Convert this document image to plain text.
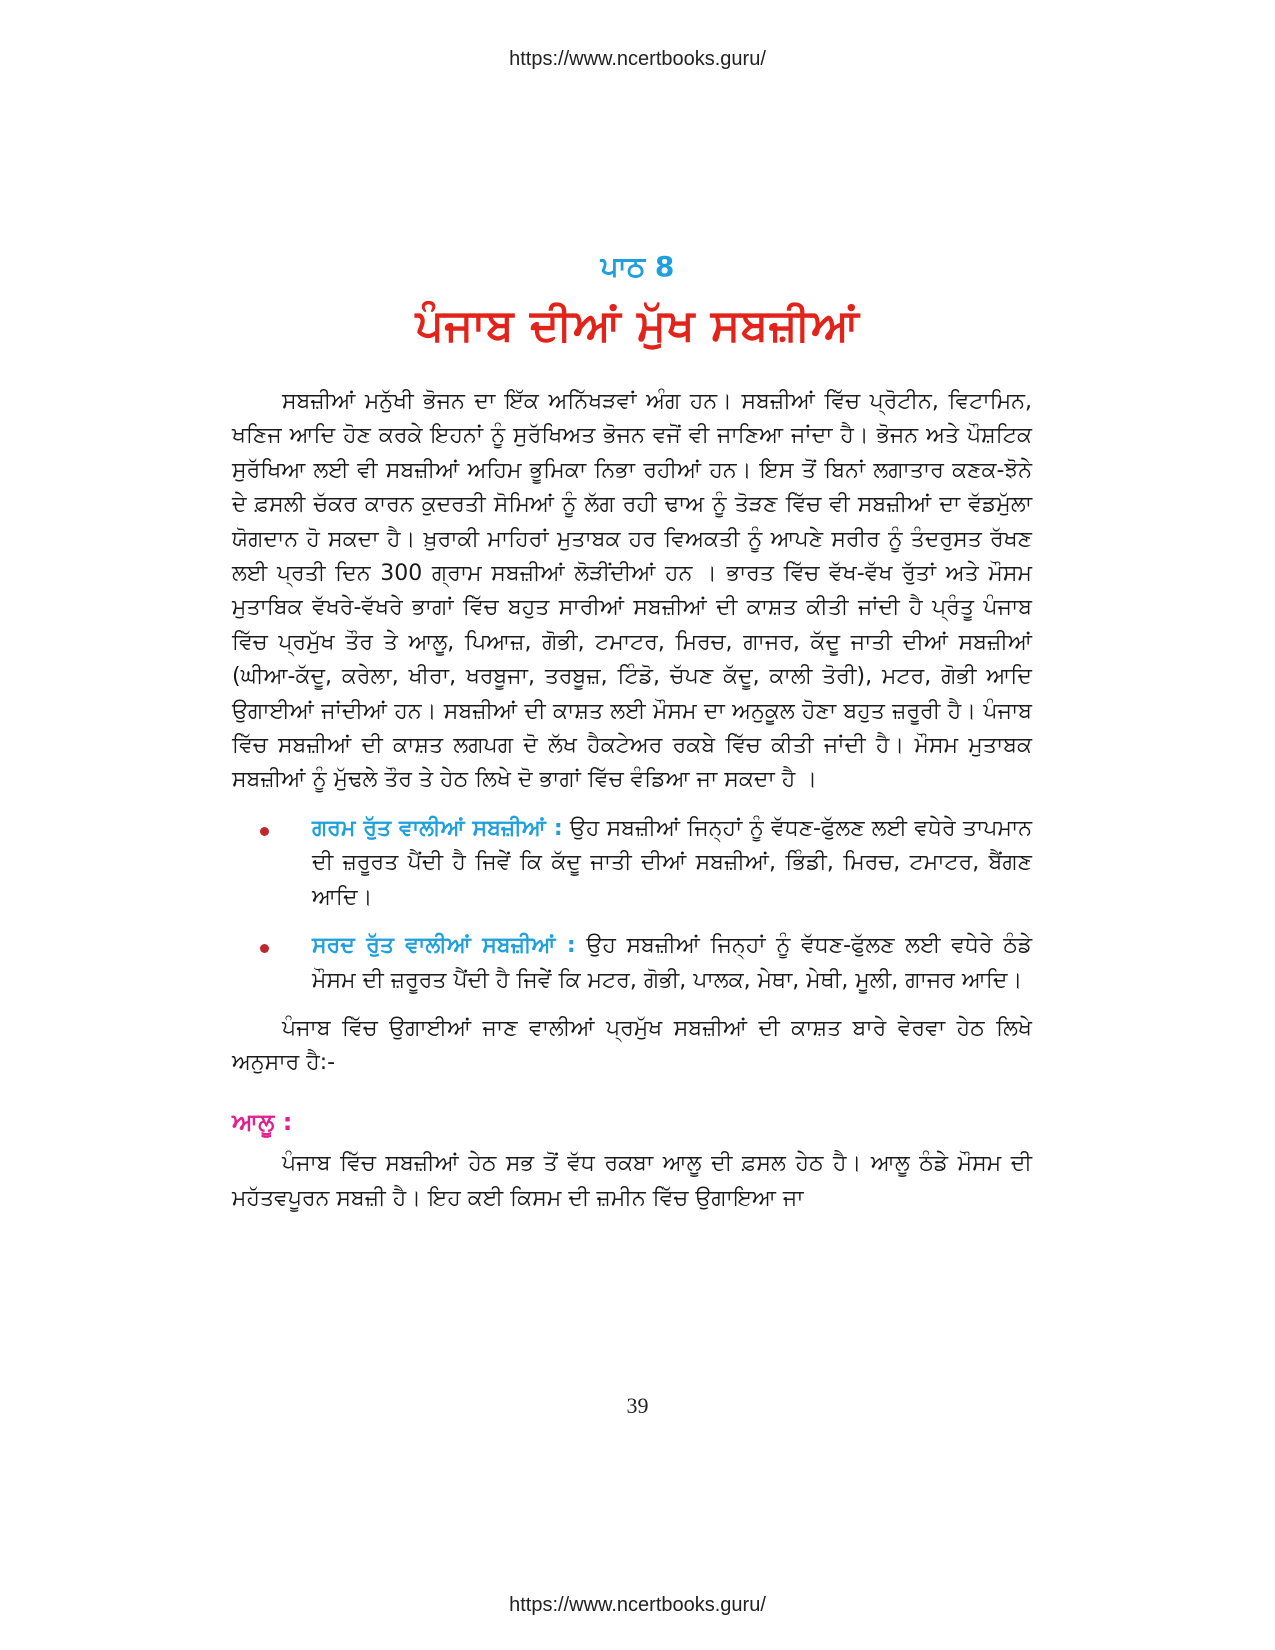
https://www.ncertbooks.guru/
ਪਾਠ 8
ਪੰਜਾਬ ਦੀਆਂ ਮੁੱਖ ਸਬਜ਼ੀਆਂ

ਸਬਜ਼ੀਆਂ ਮਨੁੱਖੀ ਭੋਜਨ ਦਾ ਇੱਕ ਅਨਿੱਖੜਵਾਂ ਅੰਗ ਹਨ। ਸਬਜ਼ੀਆਂ ਵਿੱਚ ਪ੍ਰੋਟੀਨ, ਵਿਟਾਮਿਨ, ਖਣਿਜ ਆਦਿ ਹੋਣ ਕਰਕੇ ਇਹਨਾਂ ਨੂੰ ਸੁਰੱਖਿਅਤ ਭੋਜਨ ਵਜੋਂ ਵੀ ਜਾਣਿਆ ਜਾਂਦਾ ਹੈ। ਭੋਜਨ ਅਤੇ ਪੌਸ਼ਟਿਕ ਸੁਰੱਖਿਆ ਲਈ ਵੀ ਸਬਜ਼ੀਆਂ ਅਹਿਮ ਭੂਮਿਕਾ ਨਿਭਾ ਰਹੀਆਂ ਹਨ। ਇਸ ਤੋਂ ਬਿਨਾਂ ਲਗਾਤਾਰ ਕਣਕ-ਝੋਨੇ ਦੇ ਫ਼ਸਲੀ ਚੱਕਰ ਕਾਰਨ ਕੁਦਰਤੀ ਸੋਮਿਆਂ ਨੂੰ ਲੱਗ ਰਹੀ ਢਾਅ ਨੂੰ ਤੋੜਣ ਵਿੱਚ ਵੀ ਸਬਜ਼ੀਆਂ ਦਾ ਵੱਡਮੁੱਲਾ ਯੋਗਦਾਨ ਹੋ ਸਕਦਾ ਹੈ। ਖ਼ੁਰਾਕੀ ਮਾਹਿਰਾਂ ਮੁਤਾਬਕ ਹਰ ਵਿਅਕਤੀ ਨੂੰ ਆਪਣੇ ਸਰੀਰ ਨੂੰ ਤੰਦਰੁਸਤ ਰੱਖਣ ਲਈ ਪ੍ਰਤੀ ਦਿਨ 300 ਗ੍ਰਾਮ ਸਬਜ਼ੀਆਂ ਲੋੜੀਂਦੀਆਂ ਹਨ । ਭਾਰਤ ਵਿੱਚ ਵੱਖ-ਵੱਖ ਰੁੱਤਾਂ ਅਤੇ ਮੌਸਮ ਮੁਤਾਬਿਕ ਵੱਖਰੇ-ਵੱਖਰੇ ਭਾਗਾਂ ਵਿੱਚ ਬਹੁਤ ਸਾਰੀਆਂ ਸਬਜ਼ੀਆਂ ਦੀ ਕਾਸ਼ਤ ਕੀਤੀ ਜਾਂਦੀ ਹੈ ਪ੍ਰੰਤੂ ਪੰਜਾਬ ਵਿੱਚ ਪ੍ਰਮੁੱਖ ਤੌਰ ਤੇ ਆਲੂ, ਪਿਆਜ਼, ਗੋਭੀ, ਟਮਾਟਰ, ਮਿਰਚ, ਗਾਜਰ, ਕੱਦੂ ਜਾਤੀ ਦੀਆਂ ਸਬਜ਼ੀਆਂ (ਘੀਆ-ਕੱਦੂ, ਕਰੇਲਾ, ਖੀਰਾ, ਖਰਬੂਜਾ, ਤਰਬੂਜ਼, ਟਿੰਡੋ, ਚੱਪਣ ਕੱਦੂ, ਕਾਲੀ ਤੋਰੀ), ਮਟਰ, ਗੋਭੀ ਆਦਿ ਉਗਾਈਆਂ ਜਾਂਦੀਆਂ ਹਨ। ਸਬਜ਼ੀਆਂ ਦੀ ਕਾਸ਼ਤ ਲਈ ਮੌਸਮ ਦਾ ਅਨੁਕੂਲ ਹੋਣਾ ਬਹੁਤ ਜ਼ਰੂਰੀ ਹੈ। ਪੰਜਾਬ ਵਿੱਚ ਸਬਜ਼ੀਆਂ ਦੀ ਕਾਸ਼ਤ ਲਗਪਗ ਦੋ ਲੱਖ ਹੈਕਟੇਅਰ ਰਕਬੇ ਵਿੱਚ ਕੀਤੀ ਜਾਂਦੀ ਹੈ। ਮੌਸਮ ਮੁਤਾਬਕ ਸਬਜ਼ੀਆਂ ਨੂੰ ਮੁੱਢਲੇ ਤੌਰ ਤੇ ਹੇਠ ਲਿਖੇ ਦੋ ਭਾਗਾਂ ਵਿੱਚ ਵੰਡਿਆ ਜਾ ਸਕਦਾ ਹੈ ।

ਗਰਮ ਰੁੱਤ ਵਾਲੀਆਂ ਸਬਜ਼ੀਆਂ : ਉਹ ਸਬਜ਼ੀਆਂ ਜਿਨ੍ਹਾਂ ਨੂੰ ਵੱਧਣ-ਫੁੱਲਣ ਲਈ ਵਧੇਰੇ ਤਾਪਮਾਨ ਦੀ ਜ਼ਰੂਰਤ ਪੈਂਦੀ ਹੈ ਜਿਵੇਂ ਕਿ ਕੱਦੂ ਜਾਤੀ ਦੀਆਂ ਸਬਜ਼ੀਆਂ, ਭਿੰਡੀ, ਮਿਰਚ, ਟਮਾਟਰ, ਬੈਂਗਣ ਆਦਿ।
ਸਰਦ ਰੁੱਤ ਵਾਲੀਆਂ ਸਬਜ਼ੀਆਂ : ਉਹ ਸਬਜ਼ੀਆਂ ਜਿਨ੍ਹਾਂ ਨੂੰ ਵੱਧਣ-ਫੁੱਲਣ ਲਈ ਵਧੇਰੇ ਠੰਡੇ ਮੌਸਮ ਦੀ ਜ਼ਰੂਰਤ ਪੈਂਦੀ ਹੈ ਜਿਵੇਂ ਕਿ ਮਟਰ, ਗੋਭੀ, ਪਾਲਕ, ਮੇਥਾ, ਮੇਥੀ, ਮੂਲੀ, ਗਾਜਰ ਆਦਿ।

ਪੰਜਾਬ ਵਿੱਚ ਉਗਾਈਆਂ ਜਾਣ ਵਾਲੀਆਂ ਪ੍ਰਮੁੱਖ ਸਬਜ਼ੀਆਂ ਦੀ ਕਾਸ਼ਤ ਬਾਰੇ ਵੇਰਵਾ ਹੇਠ ਲਿਖੇ ਅਨੁਸਾਰ ਹੈ:-

ਆਲੂ :

ਪੰਜਾਬ ਵਿੱਚ ਸਬਜ਼ੀਆਂ ਹੇਠ ਸਭ ਤੋਂ ਵੱਧ ਰਕਬਾ ਆਲੂ ਦੀ ਫ਼ਸਲ ਹੇਠ ਹੈ। ਆਲੂ ਠੰਡੇ ਮੌਸਮ ਦੀ ਮਹੱਤਵਪੂਰਨ ਸਬਜ਼ੀ ਹੈ। ਇਹ ਕਈ ਕਿਸਮ ਦੀ ਜ਼ਮੀਨ ਵਿੱਚ ਉਗਾਇਆ ਜਾ

39
https://www.ncertbooks.guru/
